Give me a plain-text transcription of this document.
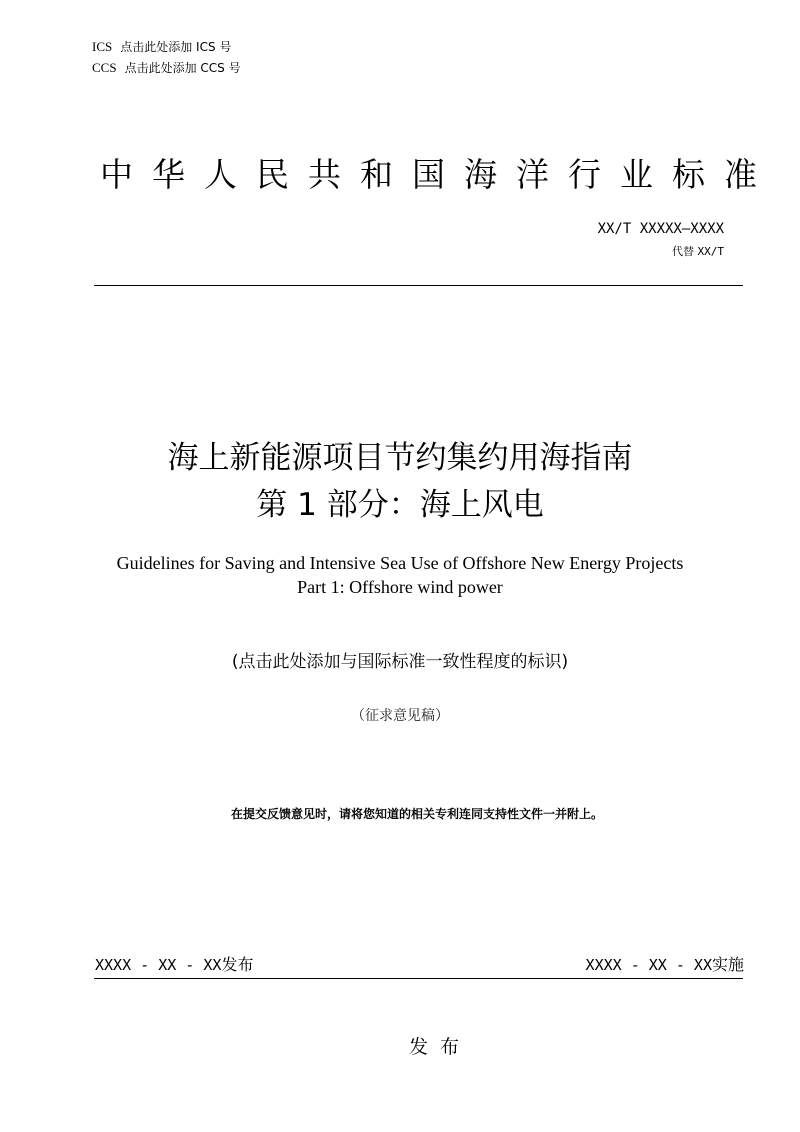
ICS 点击此处添加 ICS 号
CCS 点击此处添加 CCS 号
中华人民共和国海洋行业标准
XX/T XXXXX—XXXX
代替 XX/T
海上新能源项目节约集约用海指南
第 1 部分：海上风电
Guidelines for Saving and Intensive Sea Use of Offshore New Energy Projects
Part 1: Offshore wind power
(点击此处添加与国际标准一致性程度的标识)
（征求意见稿）
在提交反馈意见时，请将您知道的相关专利连同支持性文件一并附上。
XXXX - XX - XX发布	XXXX - XX - XX实施
发布
